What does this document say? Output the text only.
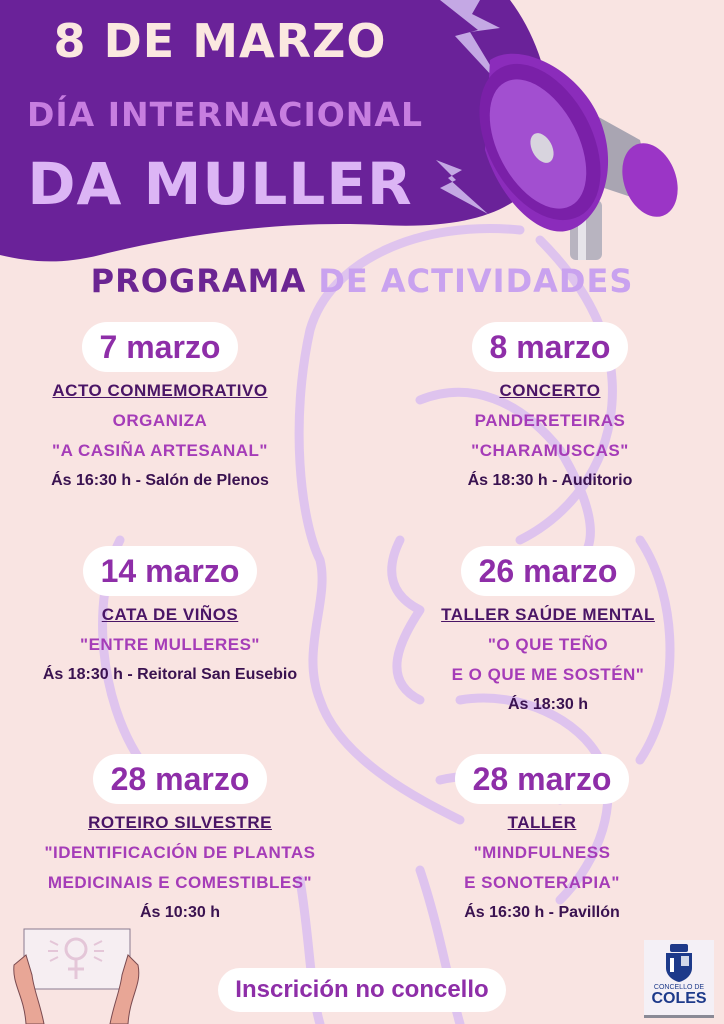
8 DE MARZO
DÍA INTERNACIONAL
DA MULLER
PROGRAMA DE ACTIVIDADES
7 marzo
ACTO CONMEMORATIVO
ORGANIZA
"A CASIÑA ARTESANAL"
Ás 16:30 h - Salón de Plenos
8 marzo
CONCERTO
PANDERETEIRAS
"CHARAMUSCAS"
Ás 18:30 h - Auditorio
14 marzo
CATA DE VIÑOS
"ENTRE MULLERES"
Ás 18:30 h - Reitoral San Eusebio
26 marzo
TALLER SAÚDE MENTAL
"O QUE TEÑO
E O QUE ME SOSTÉN"
Ás 18:30 h
28 marzo
ROTEIRO SILVESTRE
"IDENTIFICACIÓN DE PLANTAS
MEDICINAIS E COMESTIBLES"
Ás 10:30 h
28 marzo
TALLER
"MINDFULNESS
E SONOTERAPIA"
Ás 16:30 h - Pavillón
Inscrición no concello	CONCELLO DE
COLES
